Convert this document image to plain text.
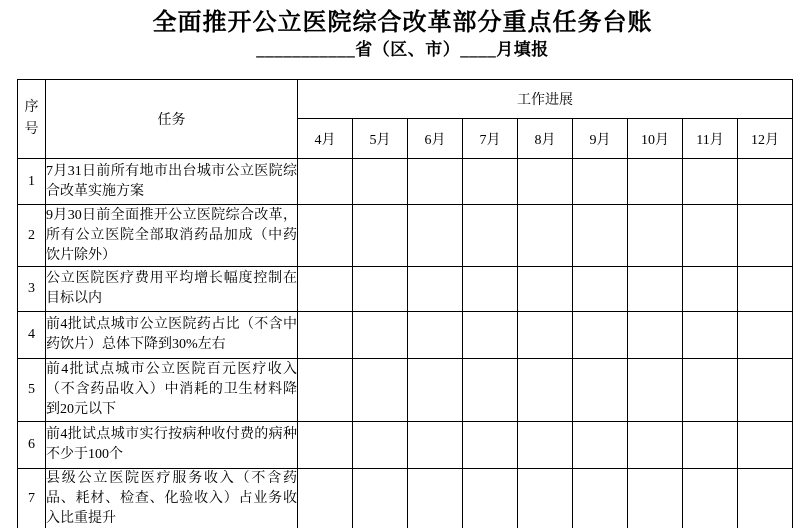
全面推开公立医院综合改革部分重点任务台账
___________省（区、市）____月填报
序号	任务	工作进展								
		4月	5月	6月	7月	8月	9月	10月	11月	12月
1	7月31日前所有地市出台城市公立医院综合改革实施方案									
2	9月30日前全面推开公立医院综合改革，所有公立医院全部取消药品加成（中药饮片除外）									
3	公立医院医疗费用平均增长幅度控制在目标以内									
4	前4批试点城市公立医院药占比（不含中药饮片）总体下降到30%左右									
5	前4批试点城市公立医院百元医疗收入（不含药品收入）中消耗的卫生材料降到20元以下									
6	前4批试点城市实行按病种收付费的病种不少于100个									
7	县级公立医院医疗服务收入（不含药品、耗材、检查、化验收入）占业务收入比重提升									
